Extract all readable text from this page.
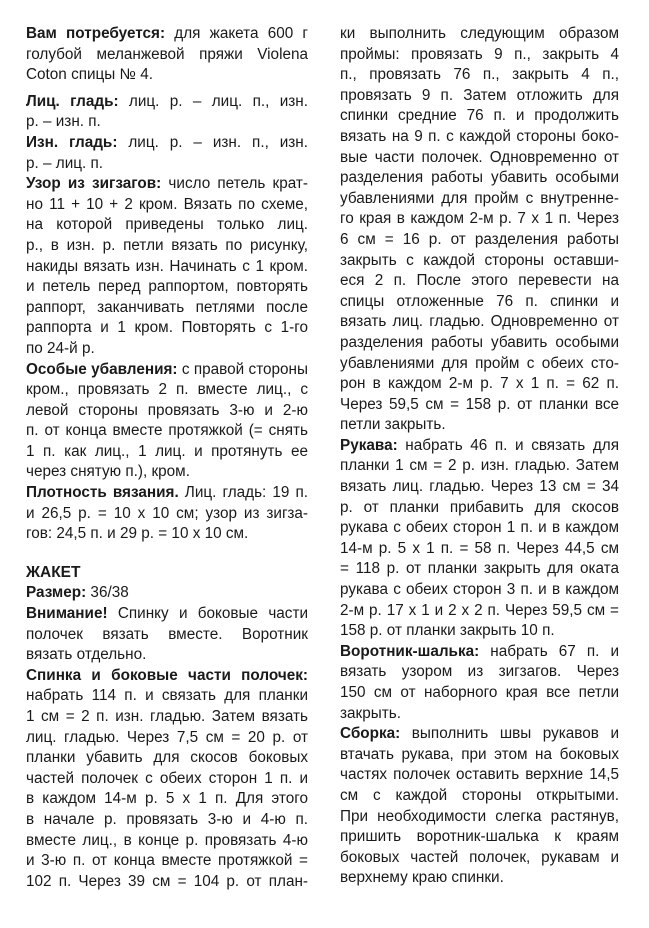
Вам потребуется: для жакета 600 г
голубой меланжевой пряжи Violena
Coton спицы № 4.
Лиц. гладь: лиц. р. – лиц. п., изн.
р. – изн. п.
Изн. гладь: лиц. р. – изн. п., изн.
р. – лиц. п.
Узор из зигзагов: число петель крат-
но 11 + 10 + 2 кром. Вязать по схеме,
на которой приведены только лиц.
р., в изн. р. петли вязать по рисунку,
накиды вязать изн. Начинать с 1 кром.
и петель перед раппортом, повторять
раппорт, заканчивать петлями после
раппорта и 1 кром. Повторять с 1-го
по 24-й р.
Особые убавления: с правой стороны
кром., провязать 2 п. вместе лиц., с
левой стороны провязать 3-ю и 2-ю
п. от конца вместе протяжкой (= снять
1 п. как лиц., 1 лиц. и протянуть ее
через снятую п.), кром.
Плотность вязания. Лиц. гладь: 19 п.
и 26,5 р. = 10 х 10 см; узор из зигза-
гов: 24,5 п. и 29 р. = 10 х 10 см.
ЖАКЕТ
Размер: 36/38
Внимание! Спинку и боковые части
полочек вязать вместе. Воротник
вязать отдельно.
Спинка и боковые части полочек:
набрать 114 п. и связать для планки
1 см = 2 п. изн. гладью. Затем вязать
лиц. гладью. Через 7,5 см = 20 р. от
планки убавить для скосов боковых
частей полочек с обеих сторон 1 п. и
в каждом 14-м р. 5 х 1 п. Для этого
в начале р. провязать 3-ю и 4-ю п.
вместе лиц., в конце р. провязать 4-ю
и 3-ю п. от конца вместе протяжкой =
102 п. Через 39 см = 104 р. от план-
ки выполнить следующим образом
проймы: провязать 9 п., закрыть 4
п., провязать 76 п., закрыть 4 п.,
провязать 9 п. Затем отложить для
спинки средние 76 п. и продолжить
вязать на 9 п. с каждой стороны боко-
вые части полочек. Одновременно от
разделения работы убавить особыми
убавлениями для пройм с внутренне-
го края в каждом 2-м р. 7 х 1 п. Через
6 см = 16 р. от разделения работы
закрыть с каждой стороны оставши-
еся 2 п. После этого перевести на
спицы отложенные 76 п. спинки и
вязать лиц. гладью. Одновременно от
разделения работы убавить особыми
убавлениями для пройм с обеих сто-
рон в каждом 2-м р. 7 х 1 п. = 62 п.
Через 59,5 см = 158 р. от планки все
петли закрыть.
Рукава: набрать 46 п. и связать для
планки 1 см = 2 р. изн. гладью. Затем
вязать лиц. гладью. Через 13 см = 34
р. от планки прибавить для скосов
рукава с обеих сторон 1 п. и в каждом
14-м р. 5 х 1 п. = 58 п. Через 44,5 см
= 118 р. от планки закрыть для оката
рукава с обеих сторон 3 п. и в каждом
2-м р. 17 х 1 и 2 х 2 п. Через 59,5 см =
158 р. от планки закрыть 10 п.
Воротник-шалька: набрать 67 п. и
вязать узором из зигзагов. Через
150 см от наборного края все петли
закрыть.
Сборка: выполнить швы рукавов и
втачать рукава, при этом на боковых
частях полочек оставить верхние 14,5
см с каждой стороны открытыми.
При необходимости слегка растянув,
пришить воротник-шалька к краям
боковых частей полочек, рукавам и
верхнему краю спинки.
